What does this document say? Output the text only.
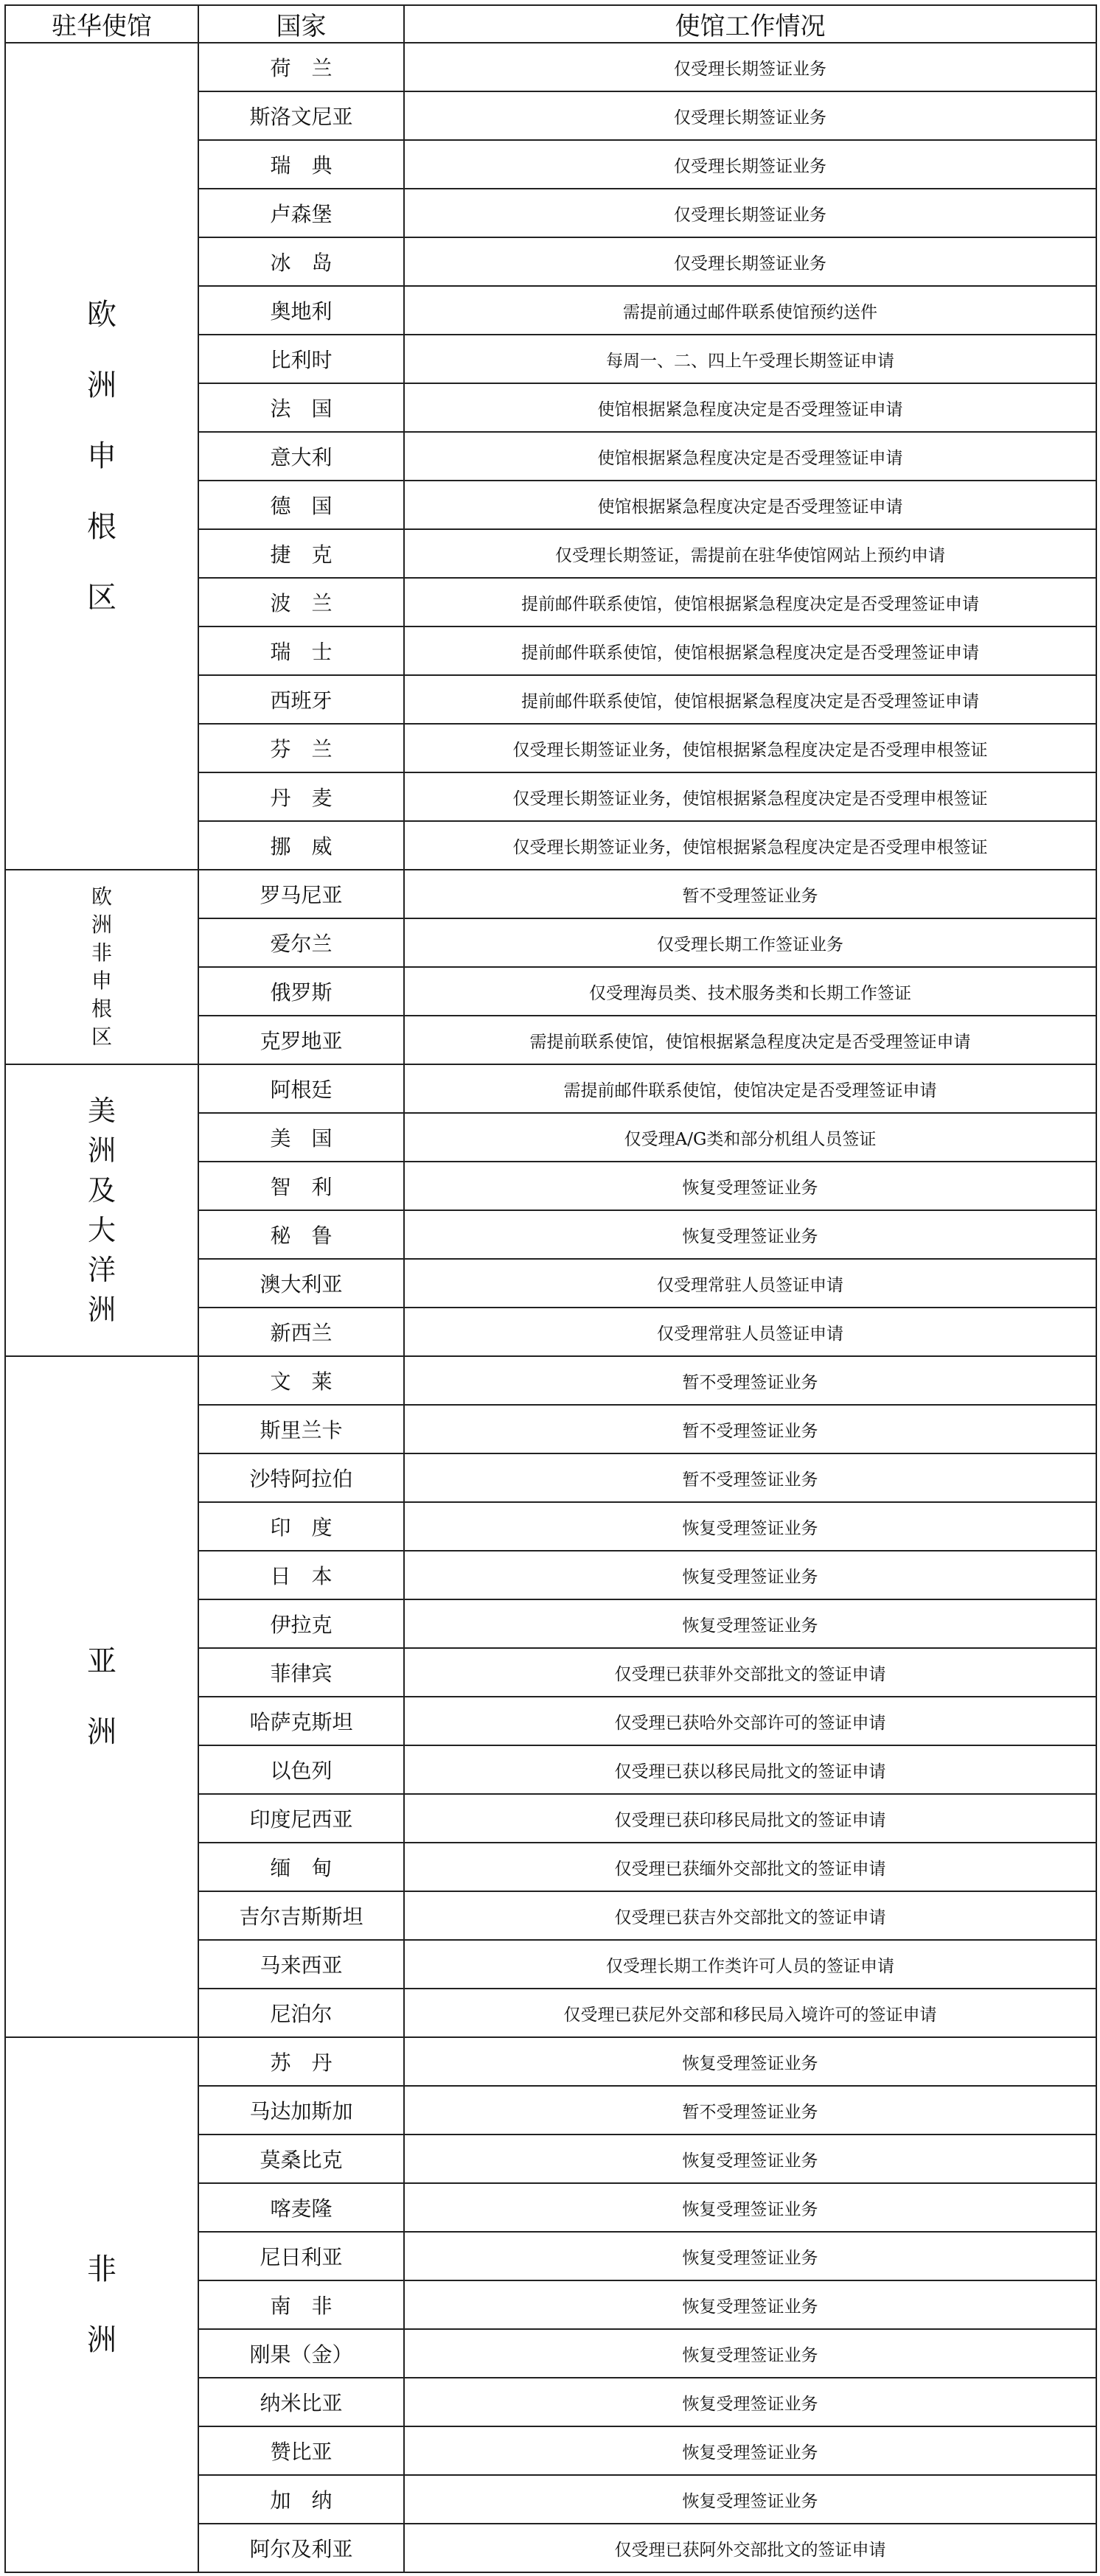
驻华使馆	国家	使馆工作情况
欧洲申根区	荷　兰	仅受理长期签证业务
	斯洛文尼亚	仅受理长期签证业务
	瑞　典	仅受理长期签证业务
	卢森堡	仅受理长期签证业务
	冰　岛	仅受理长期签证业务
	奥地利	需提前通过邮件联系使馆预约送件
	比利时	每周一、二、四上午受理长期签证申请
	法　国	使馆根据紧急程度决定是否受理签证申请
	意大利	使馆根据紧急程度决定是否受理签证申请
	德　国	使馆根据紧急程度决定是否受理签证申请
	捷　克	仅受理长期签证，需提前在驻华使馆网站上预约申请
	波　兰	提前邮件联系使馆，使馆根据紧急程度决定是否受理签证申请
	瑞　士	提前邮件联系使馆，使馆根据紧急程度决定是否受理签证申请
	西班牙	提前邮件联系使馆，使馆根据紧急程度决定是否受理签证申请
	芬　兰	仅受理长期签证业务，使馆根据紧急程度决定是否受理申根签证
	丹　麦	仅受理长期签证业务，使馆根据紧急程度决定是否受理申根签证
	挪　威	仅受理长期签证业务，使馆根据紧急程度决定是否受理申根签证
欧洲非申根区	罗马尼亚	暂不受理签证业务
	爱尔兰	仅受理长期工作签证业务
	俄罗斯	仅受理海员类、技术服务类和长期工作签证
	克罗地亚	需提前联系使馆，使馆根据紧急程度决定是否受理签证申请
美洲及大洋洲	阿根廷	需提前邮件联系使馆，使馆决定是否受理签证申请
	美　国	仅受理A/G类和部分机组人员签证
	智　利	恢复受理签证业务
	秘　鲁	恢复受理签证业务
	澳大利亚	仅受理常驻人员签证申请
	新西兰	仅受理常驻人员签证申请
亚洲	文　莱	暂不受理签证业务
	斯里兰卡	暂不受理签证业务
	沙特阿拉伯	暂不受理签证业务
	印　度	恢复受理签证业务
	日　本	恢复受理签证业务
	伊拉克	恢复受理签证业务
	菲律宾	仅受理已获菲外交部批文的签证申请
	哈萨克斯坦	仅受理已获哈外交部许可的签证申请
	以色列	仅受理已获以移民局批文的签证申请
	印度尼西亚	仅受理已获印移民局批文的签证申请
	缅　甸	仅受理已获缅外交部批文的签证申请
	吉尔吉斯斯坦	仅受理已获吉外交部批文的签证申请
	马来西亚	仅受理长期工作类许可人员的签证申请
	尼泊尔	仅受理已获尼外交部和移民局入境许可的签证申请
非洲	苏　丹	恢复受理签证业务
	马达加斯加	暂不受理签证业务
	莫桑比克	恢复受理签证业务
	喀麦隆	恢复受理签证业务
	尼日利亚	恢复受理签证业务
	南　非	恢复受理签证业务
	刚果（金）	恢复受理签证业务
	纳米比亚	恢复受理签证业务
	赞比亚	恢复受理签证业务
	加　纳	恢复受理签证业务
	阿尔及利亚	仅受理已获阿外交部批文的签证申请
